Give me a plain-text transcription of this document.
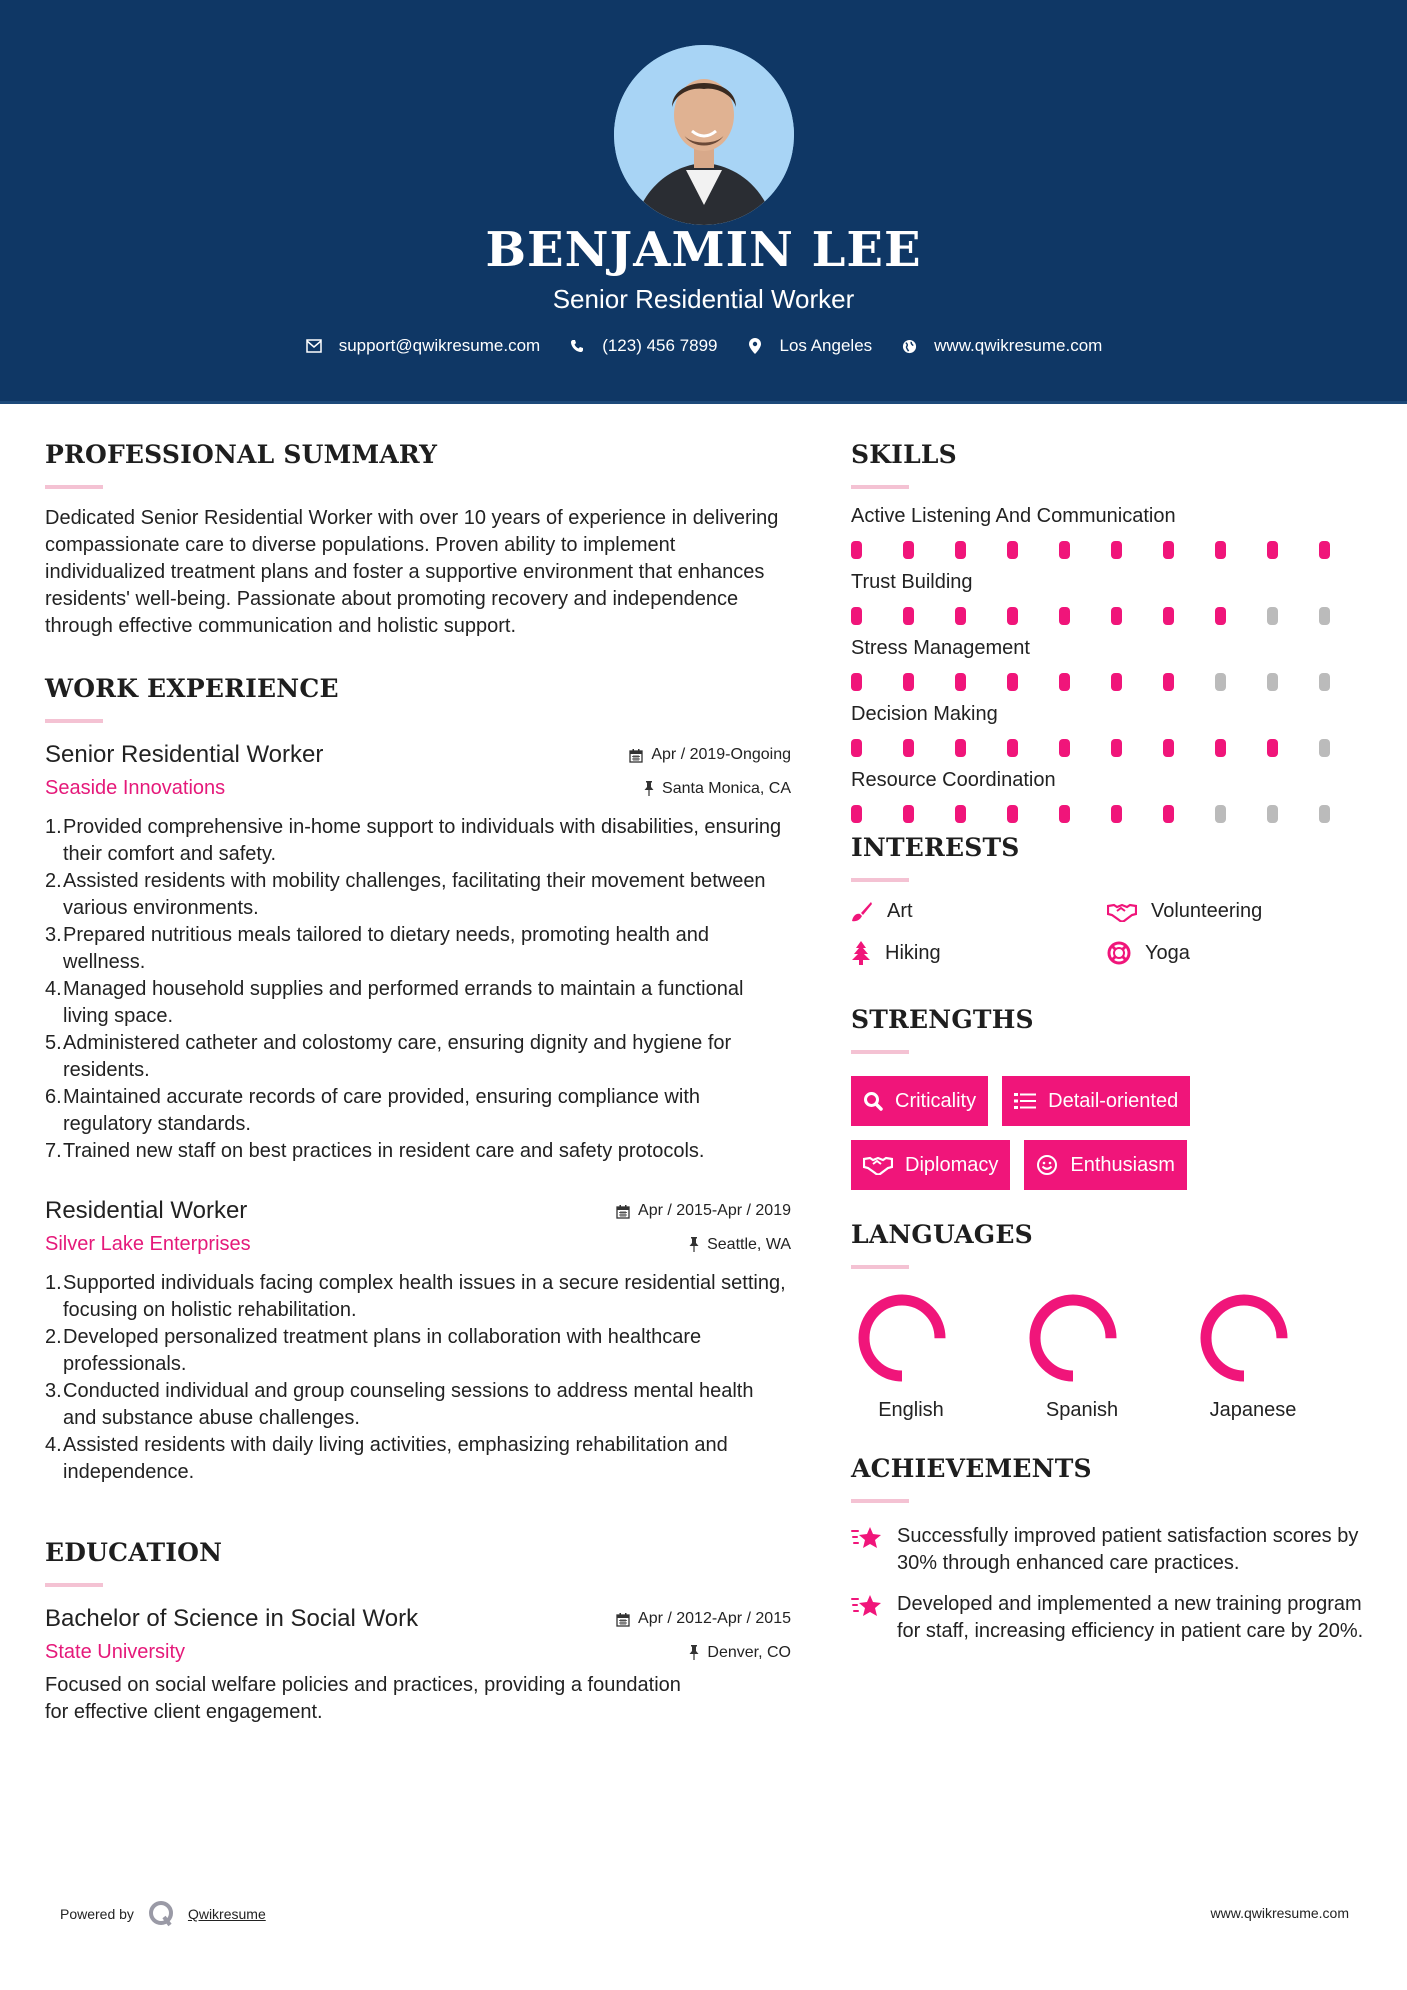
BENJAMIN LEE
Senior Residential Worker
support@qwikresume.com	(123) 456 7899	Los Angeles	www.qwikresume.com
PROFESSIONAL SUMMARY

Dedicated Senior Residential Worker with over 10 years of experience in delivering compassionate care to diverse populations. Proven ability to implement individualized treatment plans and foster a supportive environment that enhances residents' well-being. Passionate about promoting recovery and independence through effective communication and holistic support.

WORK EXPERIENCE
Senior Residential Worker	Apr / 2019-Ongoing
Seaside Innovations	Santa Monica, CA
1. Provided comprehensive in-home support to individuals with disabilities, ensuring their comfort and safety.
2. Assisted residents with mobility challenges, facilitating their movement between various environments.
3. Prepared nutritious meals tailored to dietary needs, promoting health and wellness.
4. Managed household supplies and performed errands to maintain a functional living space.
5. Administered catheter and colostomy care, ensuring dignity and hygiene for residents.
6. Maintained accurate records of care provided, ensuring compliance with regulatory standards.
7. Trained new staff on best practices in resident care and safety protocols.
Residential Worker	Apr / 2015-Apr / 2019
Silver Lake Enterprises	Seattle, WA
1. Supported individuals facing complex health issues in a secure residential setting, focusing on holistic rehabilitation.
2. Developed personalized treatment plans in collaboration with healthcare professionals.
3. Conducted individual and group counseling sessions to address mental health and substance abuse challenges.
4. Assisted residents with daily living activities, emphasizing rehabilitation and independence.
EDUCATION
Bachelor of Science in Social Work	Apr / 2012-Apr / 2015
State University	Denver, CO

Focused on social welfare policies and practices, providing a foundation for effective client engagement.

SKILLS
Active Listening And Communication
Trust Building
Stress Management
Decision Making
Resource Coordination
INTERESTS
Art	Volunteering
Hiking	Yoga
STRENGTHS
Criticality	Detail-oriented
Diplomacy	Enthusiasm
LANGUAGES
English	Spanish	Japanese
ACHIEVEMENTS
Successfully improved patient satisfaction scores by 30% through enhanced care practices.
Developed and implemented a new training program for staff, increasing efficiency in patient care by 20%.
Powered by	Qwikresume	www.qwikresume.com
